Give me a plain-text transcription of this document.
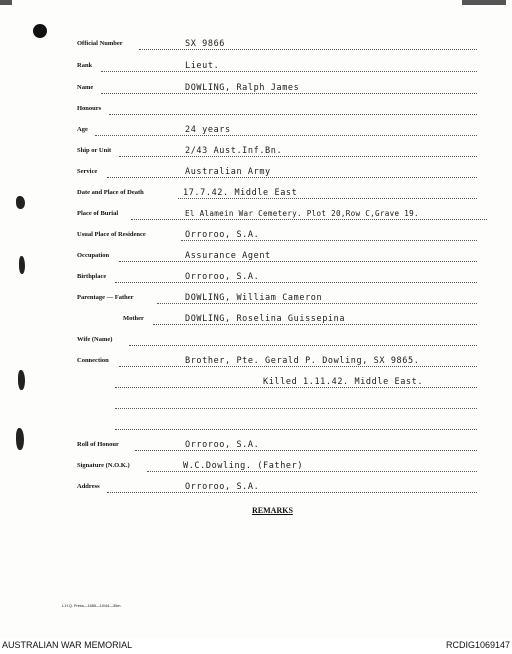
Official Number	SX 9866
Rank	Lieut.
Name	DOWLING, Ralph James
Honours
Age	24 years
Ship or Unit	2/43 Aust.Inf.Bn.
Service	Australian Army
Date and Place of Death	17.7.42. Middle East
Place of Burial	El Alamein War Cemetery. Plot 20,Row C,Grave 19.
Usual Place of Residence	Orroroo, S.A.
Occupation	Assurance Agent
Birthplace	Orroroo, S.A.
Parentage — Father	DOWLING, William Cameron
Mother	DOWLING, Roselina Guissepina
Wife (Name)
Connection	Brother, Pte. Gerald P. Dowling, SX 9865.
Killed 1.11.42. Middle East.
Roll of Honour	Orroroo, S.A.
Signature (N.O.K.)	W.C.Dowling. (Father)
Address	Orroroo, S.A.
REMARKS
L.H.Q. Press—1685—10/44—30m.
AUSTRALIAN WAR MEMORIAL	RCDIG1069147
